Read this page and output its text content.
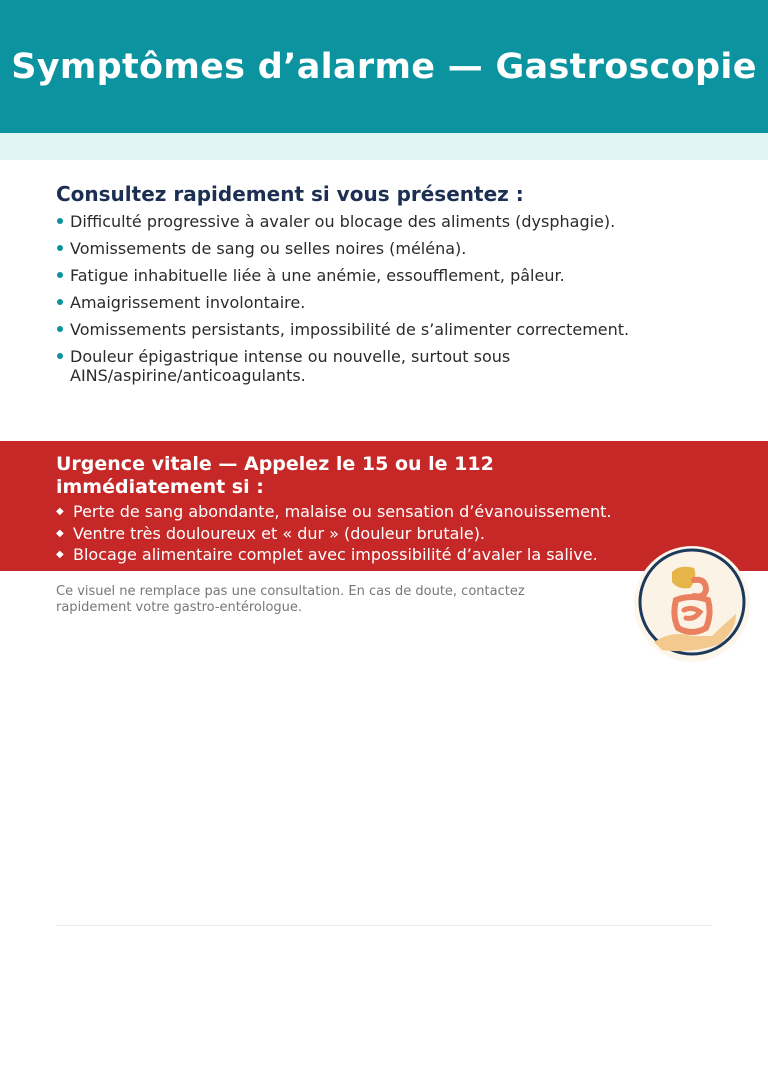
Symptômes d’alarme — Gastroscopie
Consultez rapidement si vous présentez :
Difficulté progressive à avaler ou blocage des aliments (dysphagie).
Vomissements de sang ou selles noires (méléna).
Fatigue inhabituelle liée à une anémie, essoufflement, pâleur.
Amaigrissement involontaire.
Vomissements persistants, impossibilité de s’alimenter correctement.
Douleur épigastrique intense ou nouvelle, surtout sous AINS/aspirine/anticoagulants.
Urgence vitale — Appelez le 15 ou le 112 immédiatement si :
◆ Perte de sang abondante, malaise ou sensation d’évanouissement.
◆ Ventre très douloureux et « dur » (douleur brutale).
◆ Blocage alimentaire complet avec impossibilité d’avaler la salive.

Ce visuel ne remplace pas une consultation. En cas de doute, contactez rapidement votre gastro-entérologue.
